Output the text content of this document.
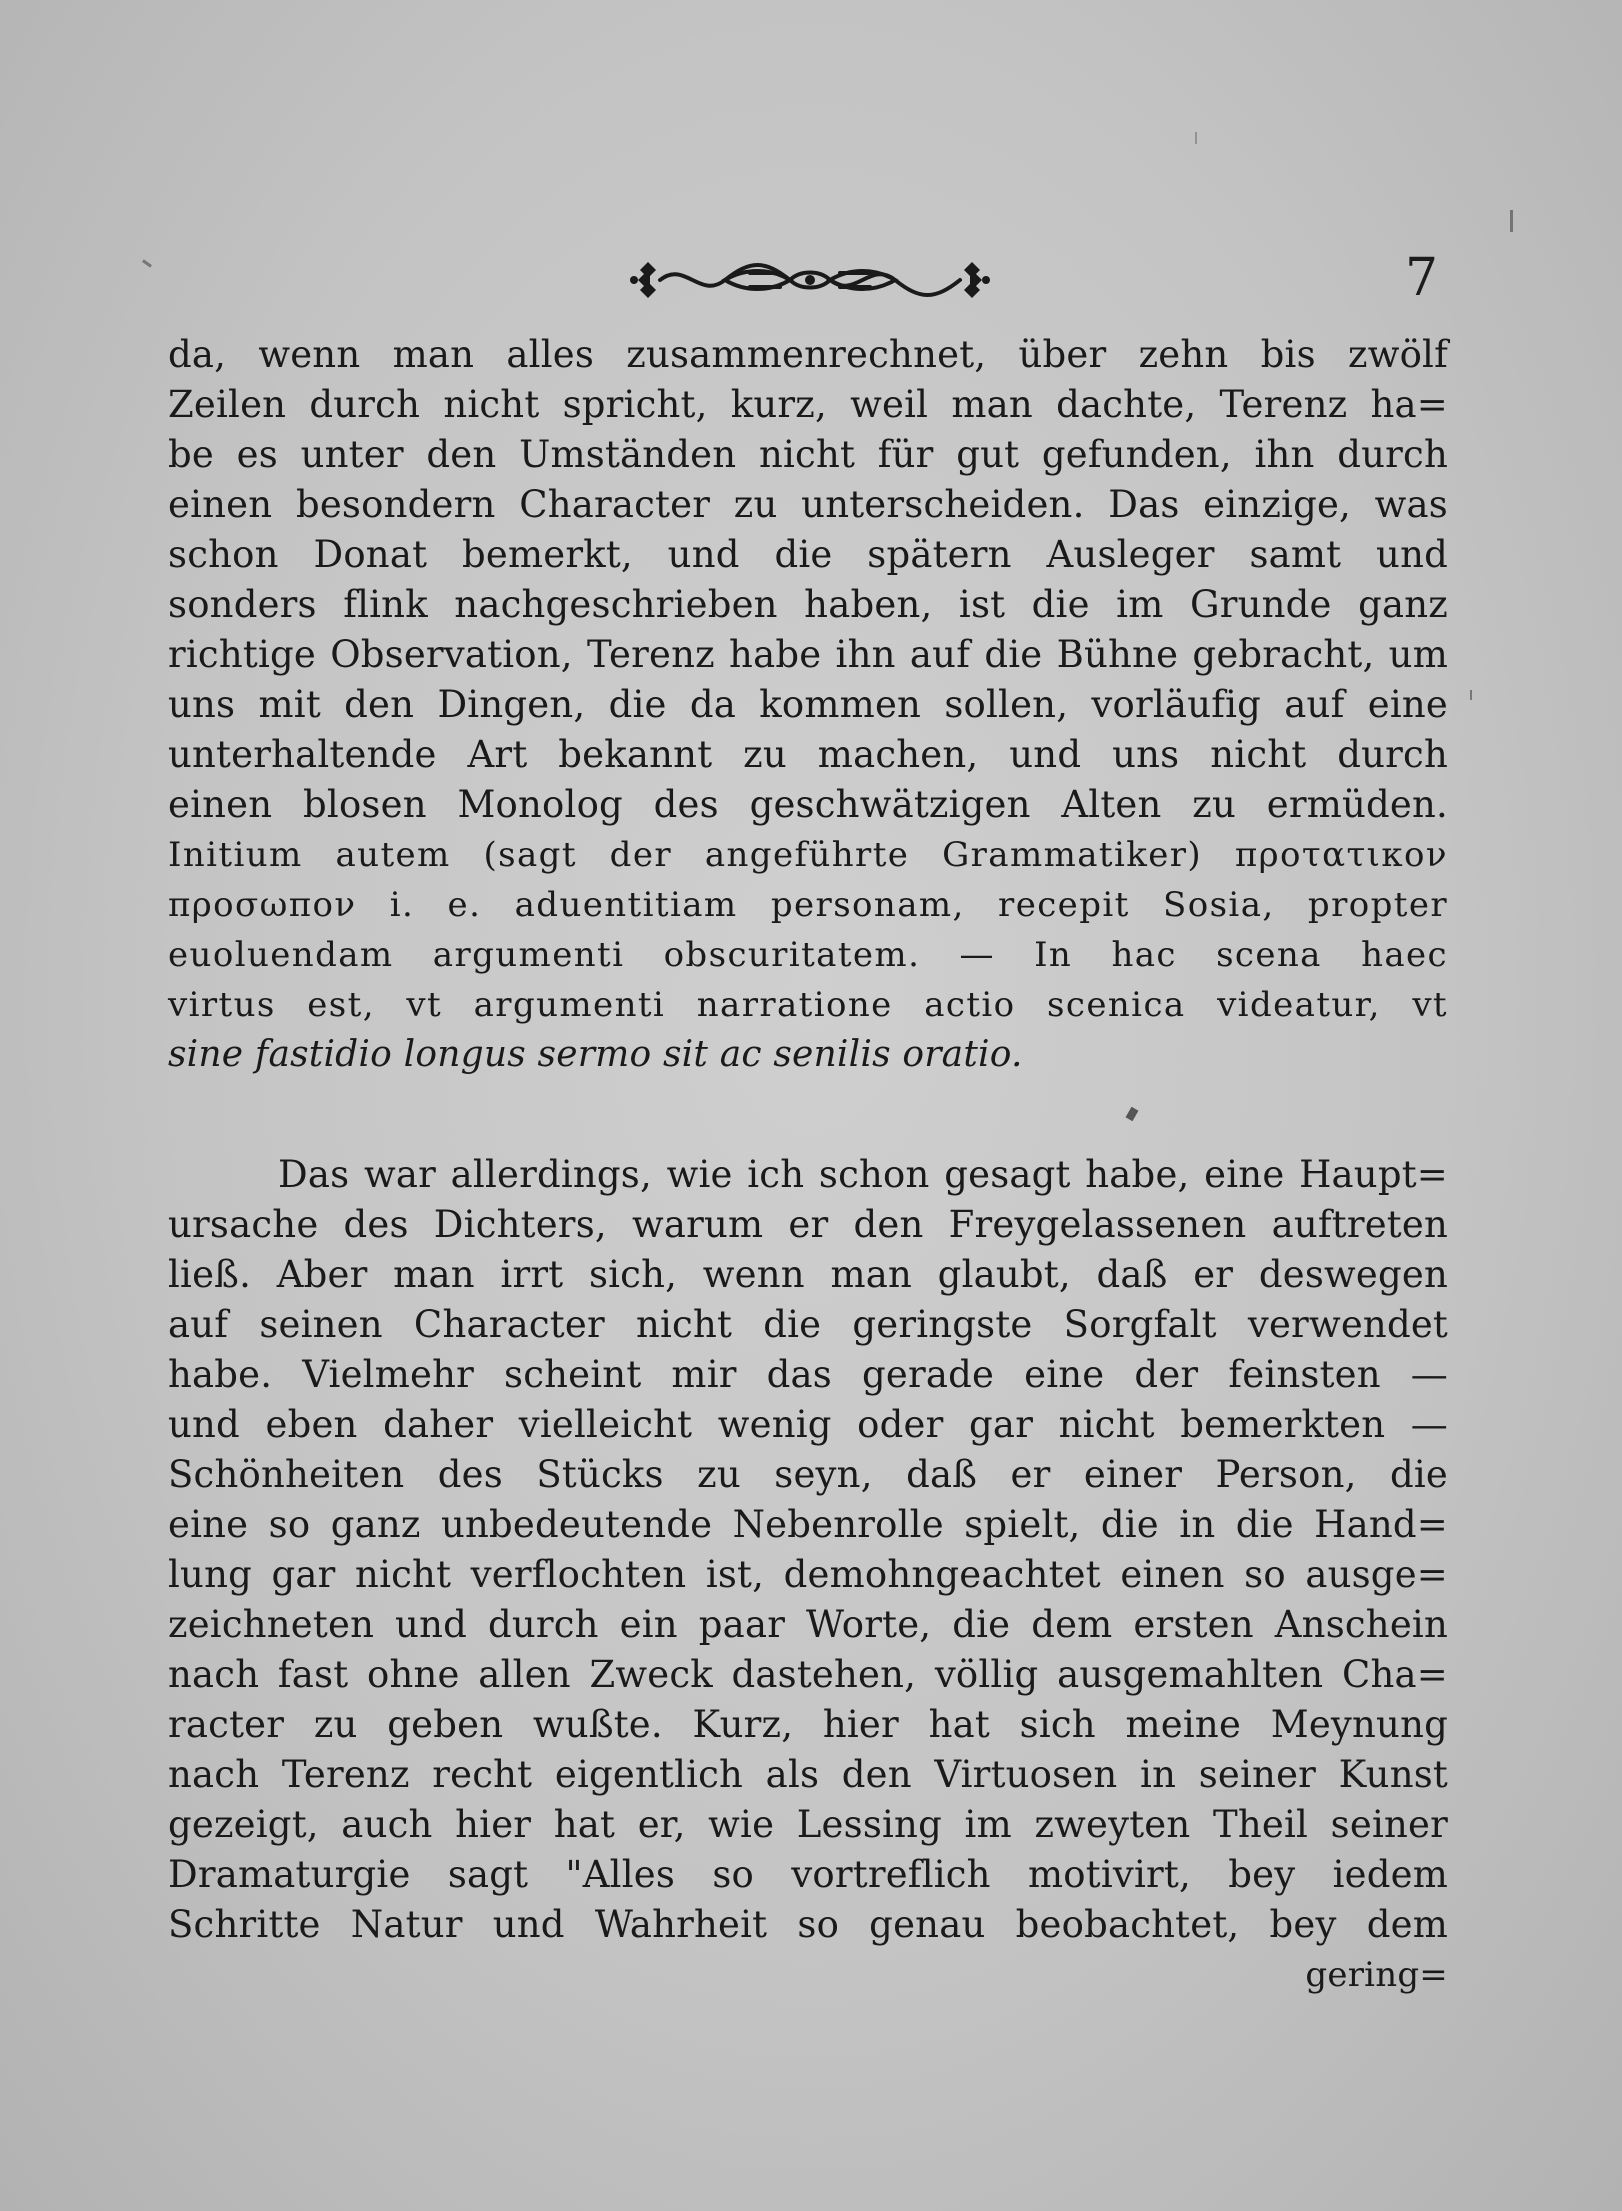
7
da, wenn man alles zusammenrechnet, über zehn bis zwölf
Zeilen durch nicht spricht, kurz, weil man dachte, Terenz ha=
be es unter den Umständen nicht für gut gefunden, ihn durch
einen besondern Character zu unterscheiden. Das einzige, was
schon Donat bemerkt, und die spätern Ausleger samt und
sonders flink nachgeschrieben haben, ist die im Grunde ganz
richtige Observation, Terenz habe ihn auf die Bühne gebracht, um
uns mit den Dingen, die da kommen sollen, vorläufig auf eine
unterhaltende Art bekannt zu machen, und uns nicht durch
einen blosen Monolog des geschwätzigen Alten zu ermüden.
Initium autem (sagt der angeführte Grammatiker) προτατικον
προσωπον i. e. aduentitiam personam, recepit Sosia, propter
euoluendam argumenti obscuritatem. — In hac scena haec
virtus est, vt argumenti narratione actio scenica videatur, vt
sine fastidio longus sermo sit ac senilis oratio.
Das war allerdings, wie ich schon gesagt habe, eine Haupt=
ursache des Dichters, warum er den Freygelassenen auftreten
ließ. Aber man irrt sich, wenn man glaubt, daß er deswegen
auf seinen Character nicht die geringste Sorgfalt verwendet
habe. Vielmehr scheint mir das gerade eine der feinsten —
und eben daher vielleicht wenig oder gar nicht bemerkten —
Schönheiten des Stücks zu seyn, daß er einer Person, die
eine so ganz unbedeutende Nebenrolle spielt, die in die Hand=
lung gar nicht verflochten ist, demohngeachtet einen so ausge=
zeichneten und durch ein paar Worte, die dem ersten Anschein
nach fast ohne allen Zweck dastehen, völlig ausgemahlten Cha=
racter zu geben wußte. Kurz, hier hat sich meine Meynung
nach Terenz recht eigentlich als den Virtuosen in seiner Kunst
gezeigt, auch hier hat er, wie Lessing im zweyten Theil seiner
Dramaturgie sagt "Alles so vortreflich motivirt, bey iedem
Schritte Natur und Wahrheit so genau beobachtet, bey dem
gering=
